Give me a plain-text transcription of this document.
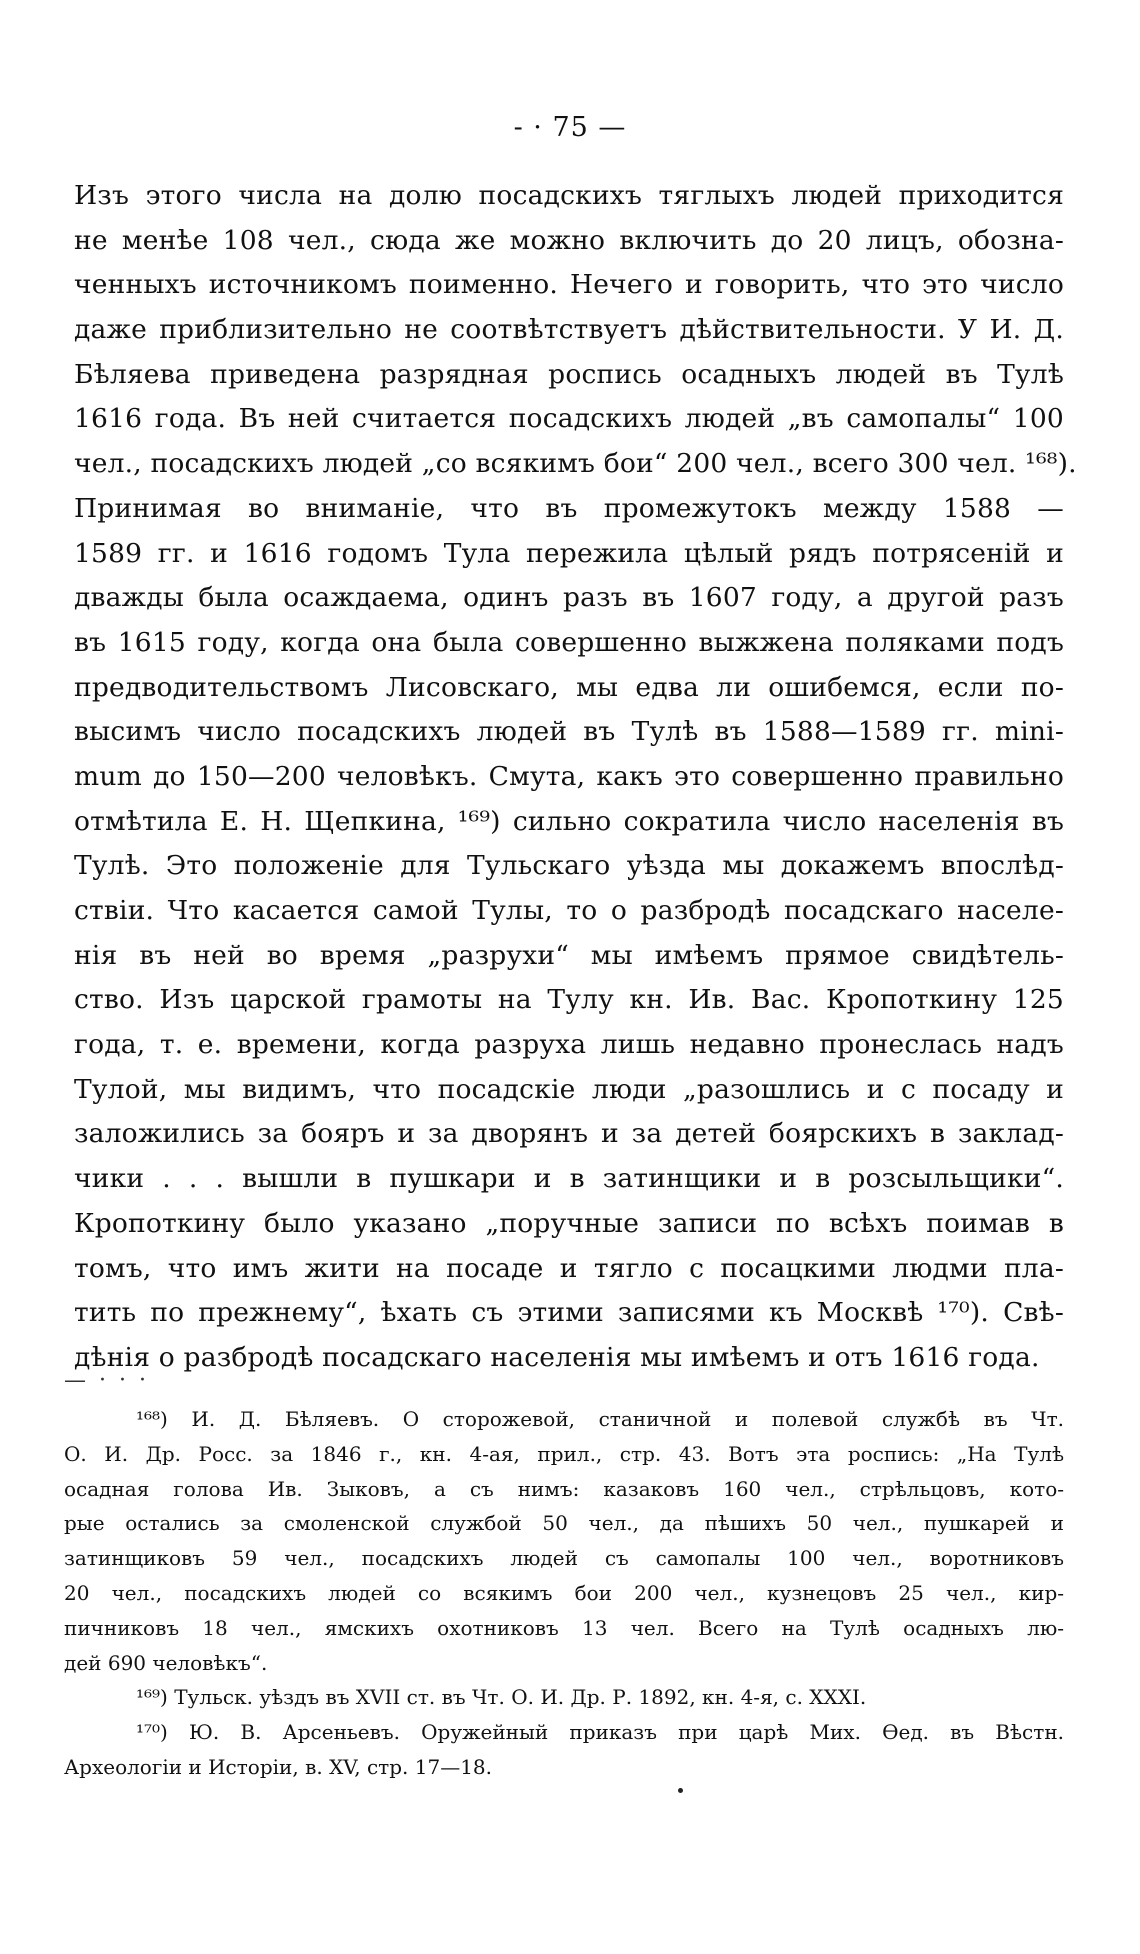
- · 75 —
Изъ этого числа на долю посадскихъ тяглыхъ людей приходится
не менѣе 108 чел., сюда же можно включить до 20 лицъ, обозна-
ченныхъ источникомъ поименно. Нечего и говорить, что это число
даже приблизительно не соотвѣтствуетъ дѣйствительности. У И. Д.
Бѣляева приведена разрядная роспись осадныхъ людей въ Тулѣ
1616 года. Въ ней считается посадскихъ людей „въ самопалы“ 100
чел., посадскихъ людей „со всякимъ бои“ 200 чел., всего 300 чел. ¹⁶⁸).
Принимая во вниманіе, что въ промежутокъ между 1588 —
1589 гг. и 1616 годомъ Тула пережила цѣлый рядъ потрясеній и
дважды была осаждаема, одинъ разъ въ 1607 году, а другой разъ
въ 1615 году, когда она была совершенно выжжена поляками подъ
предводительствомъ Лисовскаго, мы едва ли ошибемся, если по-
высимъ число посадскихъ людей въ Тулѣ въ 1588—1589 гг. mini-
mum до 150—200 человѣкъ. Смута, какъ это совершенно правильно
отмѣтила Е. Н. Щепкина, ¹⁶⁹) сильно сократила число населенія въ
Тулѣ. Это положеніе для Тульскаго уѣзда мы докажемъ впослѣд-
ствіи. Что касается самой Тулы, то о разбродѣ посадскаго населе-
нія въ ней во время „разрухи“ мы имѣемъ прямое свидѣтель-
ство. Изъ царской грамоты на Тулу кн. Ив. Вас. Кропоткину 125
года, т. е. времени, когда разруха лишь недавно пронеслась надъ
Тулой, мы видимъ, что посадскіе люди „разошлись и с посаду и
заложились за бояръ и за дворянъ и за детей боярскихъ в заклад-
чики . . . вышли в пушкари и в затинщики и в розсыльщики“.
Кропоткину было указано „поручные записи по всѣхъ поимав в
томъ, что имъ жити на посаде и тягло с посацкими людми пла-
тить по прежнему“, ѣхать съ этими записями къ Москвѣ ¹⁷⁰). Свѣ-
дѣнія о разбродѣ посадскаго населенія мы имѣемъ и отъ 1616 года.
— · · ·
¹⁶⁸) И. Д. Бѣляевъ. О сторожевой, станичной и полевой службѣ въ Чт.
О. И. Др. Росс. за 1846 г., кн. 4-ая, прил., стр. 43. Вотъ эта роспись: „На Тулѣ
осадная голова Ив. Зыковъ, а съ нимъ: казаковъ 160 чел., стрѣльцовъ, кото-
рые остались за смоленской службой 50 чел., да пѣшихъ 50 чел., пушкарей и
затинщиковъ 59 чел., посадскихъ людей съ самопалы 100 чел., воротниковъ
20 чел., посадскихъ людей со всякимъ бои 200 чел., кузнецовъ 25 чел., кир-
пичниковъ 18 чел., ямскихъ охотниковъ 13 чел. Всего на Тулѣ осадныхъ лю-
дей 690 человѣкъ“.
¹⁶⁹) Тульск. уѣздъ въ XVII ст. въ Чт. О. И. Др. Р. 1892, кн. 4-я, с. XXXI.
¹⁷⁰) Ю. В. Арсеньевъ. Оружейный приказъ при царѣ Мих. Ѳед. въ Вѣстн.
Археологіи и Исторіи, в. XV, стр. 17—18.
